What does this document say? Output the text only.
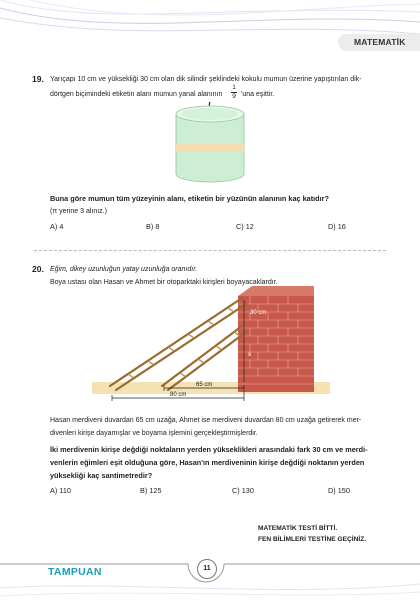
MATEMATİK
19. Yarıçapı 10 cm ve yüksekliği 30 cm olan dik silindir şeklindeki kokulu mumun üzerine yapıştırılan dik-
dörtgen biçimindeki etiketin alanı mumun yanal alanının
1
9 'una eşittir.
Buna göre mumun tüm yüzeyinin alanı, etiketin bir yüzünün alanının kaç katıdır?
(π yerine 3 alınız.)
A) 4	B) 8	C) 12	D) 16
20. Eğim, dikey uzunluğun yatay uzunluğa oranıdır.
Boya ustası olan Hasan ve Ahmet bir otoparktaki kirişleri boyayacaklardır.
30 cm
x
65 cm
80 cm
Hasan merdiveni duvardan 65 cm uzağa, Ahmet ise merdiveni duvardan 80 cm uzağa getirerek mer-
divenleri kirişe dayamışlar ve boyama işlemini gerçekleştirmişlerdir.
İki merdivenin kirişe değdiği noktaların yerden yükseklikleri arasındaki fark 30 cm ve merdi-
venlerin eğimleri eşit olduğuna göre, Hasan'ın merdiveninin kirişe değdiği noktanın yerden
yüksekliği kaç santimetredir?
A) 110	B) 125	C) 130	D) 150
MATEMATİK TESTİ BİTTİ.
FEN BİLİMLERİ TESTİNE GEÇİNİZ.
TAMPUAN	11
